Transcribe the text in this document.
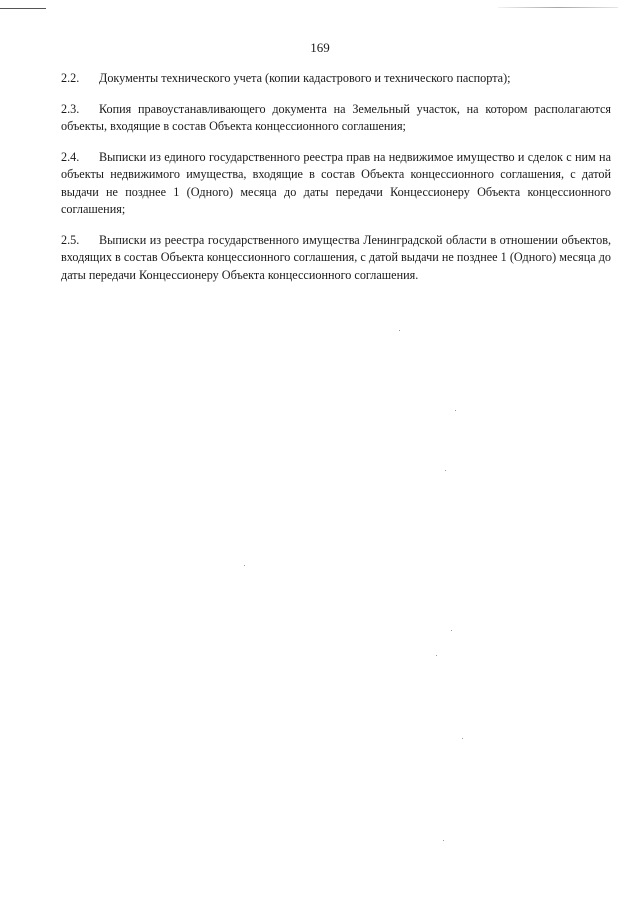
169

2.2. Документы технического учета (копии кадастрового и технического паспорта);

2.3. Копия правоустанавливающего документа на Земельный участок, на котором располагаются объекты, входящие в состав Объекта концессионного соглашения;

2.4. Выписки из единого государственного реестра прав на недвижимое имущество и сделок с ним на объекты недвижимого имущества, входящие в состав Объекта концессионного соглашения, с датой выдачи не позднее 1 (Одного) месяца до даты передачи Концессионеру Объекта концессионного соглашения;

2.5. Выписки из реестра государственного имущества Ленинградской области в отношении объектов, входящих в состав Объекта концессионного соглашения, с датой выдачи не позднее 1 (Одного) месяца до даты передачи Концессионеру Объекта концессионного соглашения.
